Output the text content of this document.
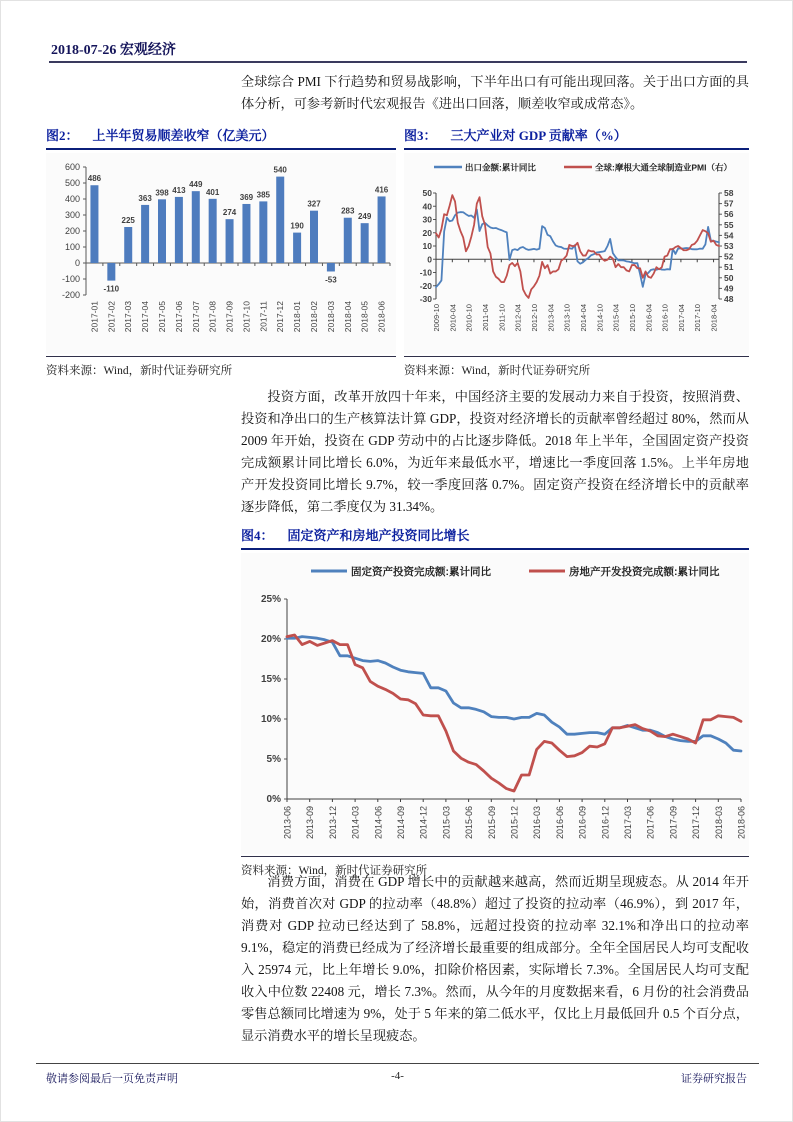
2018-07-26 宏观经济
全球综合 PMI 下行趋势和贸易战影响，下半年出口有可能出现回落。关于出口方面的具体分析，可参考新时代宏观报告《进出口回落，顺差收窄或成常态》。
图2： 上半年贸易顺差收窄（亿美元）
600
500
400
300
200
100
0
-100
-200
486
2017-01
-110
2017-02
225
2017-03
363
2017-04
398
2017-05
413
2017-06
449
2017-07
401
2017-08
274
2017-09
369
2017-10
385
2017-11
540
2017-12
190
2018-01
327
2018-02
-53
2018-03
283
2018-04
249
2018-05
416
2018-06
资料来源：Wind，新时代证券研究所
图3： 三大产业对 GDP 贡献率（%）
出口金额:累计同比	全球:摩根大通全球制造业PMI（右）
50
40
30
20
10
0
-10
-20
-30
58
57
56
55
54
53
52
51
50
49
48
2009-10 2010-04 2010-10 2011-04 2011-10 2012-04 2012-10 2013-04 2013-10 2014-04 2014-10 2015-04 2015-10 2016-04 2016-10 2017-04 2017-10 2018-04
资料来源：Wind，新时代证券研究所
投资方面，改革开放四十年来，中国经济主要的发展动力来自于投资，按照消费、投资和净出口的生产核算法计算 GDP，投资对经济增长的贡献率曾经超过 80%，然而从 2009 年开始，投资在 GDP 劳动中的占比逐步降低。2018 年上半年，全国固定资产投资完成额累计同比增长 6.0%，为近年来最低水平，增速比一季度回落 1.5%。上半年房地产开发投资同比增长 9.7%，较一季度回落 0.7%。固定资产投资在经济增长中的贡献率逐步降低，第二季度仅为 31.34%。
图4： 固定资产和房地产投资同比增长
固定资产投资完成额:累计同比	房地产开发投资完成额:累计同比
25%
20%
15%
10%
5%
0%
2013-06 2013-09 2013-12 2014-03 2014-06 2014-09 2014-12 2015-03 2015-06 2015-09 2015-12 2016-03 2016-06 2016-09 2016-12 2017-03 2017-06 2017-09 2017-12 2018-03 2018-06
资料来源：Wind，新时代证券研究所
消费方面，消费在 GDP 增长中的贡献越来越高，然而近期呈现疲态。从 2014 年开始，消费首次对 GDP 的拉动率（48.8%）超过了投资的拉动率（46.9%），到 2017 年，消费对 GDP 拉动已经达到了 58.8%，远超过投资的拉动率 32.1%和净出口的拉动率 9.1%，稳定的消费已经成为了经济增长最重要的组成部分。全年全国居民人均可支配收入 25974 元，比上年增长 9.0%，扣除价格因素，实际增长 7.3%。全国居民人均可支配收入中位数 22408 元，增长 7.3%。然而，从今年的月度数据来看，6 月份的社会消费品零售总额同比增速为 9%，处于 5 年来的第二低水平，仅比上月最低回升 0.5 个百分点，显示消费水平的增长呈现疲态。
敬请参阅最后一页免责声明	-4-	证券研究报告
